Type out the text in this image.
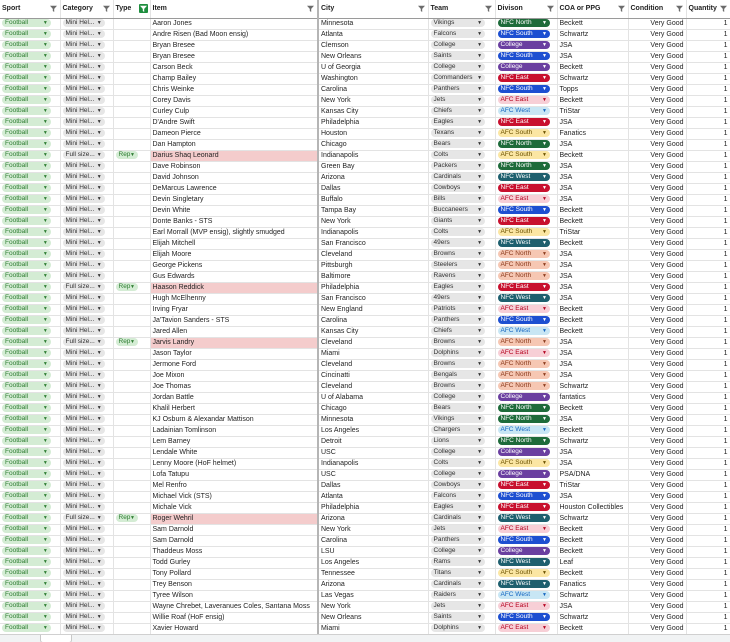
Sport	Category	Type	Item	City	Team	Divison	COA or PPG	Condition	Quantity

Football ▼	Mini Hel... ▼		Aaron Jones	Minnesota	Vikings ▼	NFC North ▼	Beckett	Very Good	1
Football ▼	Mini Hel... ▼		Andre Risen (Bad Moon ensig)	Atlanta	Falcons ▼	NFC South ▼	Schwartz	Very Good	1
Football ▼	Mini Hel... ▼		Bryan Bresee	Clemson	College ▼	College ▼	JSA	Very Good	1
Football ▼	Mini Hel... ▼		Bryan Bresee	New Orleans	Saints ▼	NFC South ▼	JSA	Very Good	1
Football ▼	Mini Hel... ▼		Carson Beck	U of Georgia	College ▼	College ▼	Beckett	Very Good	1
Football ▼	Mini Hel... ▼		Champ Bailey	Washington	Commanders ▼	NFC East ▼	Schwartz	Very Good	1
Football ▼	Mini Hel... ▼		Chris Weinke	Carolina	Panthers ▼	NFC South ▼	Topps	Very Good	1
Football ▼	Mini Hel... ▼		Corey Davis	New York	Jets ▼	AFC East ▼	Beckett	Very Good	1
Football ▼	Mini Hel... ▼		Curley Culp	Kansas City	Chiefs ▼	AFC West ▼	TriStar	Very Good	1
Football ▼	Mini Hel... ▼		D'Andre Swift	Philadelphia	Eagles ▼	NFC East ▼	JSA	Very Good	1
Football ▼	Mini Hel... ▼		Dameon Pierce	Houston	Texans ▼	AFC South ▼	Fanatics	Very Good	1
Football ▼	Mini Hel... ▼		Dan Hampton	Chicago	Bears ▼	NFC North ▼	JSA	Very Good	1
Football ▼	Full size... ▼	Rep ▼	Darius Shaq Leonard	Indianapolis	Colts ▼	AFC South ▼	Beckett	Very Good	1
Football ▼	Mini Hel... ▼		Dave Robinson	Green Bay	Packers ▼	NFC North ▼	JSA	Very Good	1
Football ▼	Mini Hel... ▼		David Johnson	Arizona	Cardinals ▼	NFC West ▼	JSA	Very Good	1
Football ▼	Mini Hel... ▼		DeMarcus Lawrence	Dallas	Cowboys ▼	NFC East ▼	JSA	Very Good	1
Football ▼	Mini Hel... ▼		Devin Singletary	Buffalo	Bills ▼	AFC East ▼	JSA	Very Good	1
Football ▼	Mini Hel... ▼		Devin White	Tampa Bay	Buccaneers ▼	NFC South ▼	Beckett	Very Good	1
Football ▼	Mini Hel... ▼		Donte Banks - STS	New York	Giants ▼	NFC East ▼	Beckett	Very Good	1
Football ▼	Mini Hel... ▼		Earl Morrall (MVP ensig), slightly smudged	Indianapolis	Colts ▼	AFC South ▼	TriStar	Very Good	1
Football ▼	Mini Hel... ▼		Elijah Mitchell	San Francisco	49ers ▼	NFC West ▼	Beckett	Very Good	1
Football ▼	Mini Hel... ▼		Elijah Moore	Cleveland	Browns ▼	AFC North ▼	JSA	Very Good	1
Football ▼	Mini Hel... ▼		George Pickens	Pittsburgh	Steelers ▼	AFC North ▼	JSA	Very Good	1
Football ▼	Mini Hel... ▼		Gus Edwards	Baltimore	Ravens ▼	AFC North ▼	JSA	Very Good	1
Football ▼	Full size... ▼	Rep ▼	Haason Reddick	Philadelphia	Eagles ▼	NFC East ▼	JSA	Very Good	1
Football ▼	Mini Hel... ▼		Hugh McElhenny	San Francisco	49ers ▼	NFC West ▼	JSA	Very Good	1
Football ▼	Mini Hel... ▼		Irving Fryar	New England	Patriots ▼	AFC East ▼	Beckett	Very Good	1
Football ▼	Mini Hel... ▼		Ja'Tavion Sanders - STS	Carolina	Panthers ▼	NFC South ▼	Beckett	Very Good	1
Football ▼	Mini Hel... ▼		Jared Allen	Kansas City	Chiefs ▼	AFC West ▼	Beckett	Very Good	1
Football ▼	Full size... ▼	Rep ▼	Jarvis Landry	Cleveland	Browns ▼	AFC North ▼	JSA	Very Good	1
Football ▼	Mini Hel... ▼		Jason Taylor	Miami	Dolphins ▼	AFC East ▼	JSA	Very Good	1
Football ▼	Mini Hel... ▼		Jermone Ford	Cleveland	Browns ▼	AFC North ▼	JSA	Very Good	1
Football ▼	Mini Hel... ▼		Joe Mixon	Cincinatti	Bengals ▼	AFC North ▼	JSA	Very Good	1
Football ▼	Mini Hel... ▼		Joe Thomas	Cleveland	Browns ▼	AFC North ▼	Schwartz	Very Good	1
Football ▼	Mini Hel... ▼		Jordan Battle	U of Alabama	College ▼	College ▼	fantatics	Very Good	1
Football ▼	Mini Hel... ▼		Khalil Herbert	Chicago	Bears ▼	NFC North ▼	Beckett	Very Good	1
Football ▼	Mini Hel... ▼		KJ Osburn & Alexandar Mattison	Minnesota	Vikings ▼	NFC North ▼	JSA	Very Good	1
Football ▼	Mini Hel... ▼		Ladainian Tomlinson	Los Angeles	Chargers ▼	AFC West ▼	Beckett	Very Good	1
Football ▼	Mini Hel... ▼		Lem Barney	Detroit	Lions ▼	NFC North ▼	Schwartz	Very Good	1
Football ▼	Mini Hel... ▼		Lendale White	USC	College ▼	College ▼	JSA	Very Good	1
Football ▼	Mini Hel... ▼		Lenny Moore (HoF helmet)	Indianapolis	Colts ▼	AFC South ▼	JSA	Very Good	1
Football ▼	Mini Hel... ▼		Lofa Tatupu	USC	College ▼	College ▼	PSA/DNA	Very Good	1
Football ▼	Mini Hel... ▼		Mel Renfro	Dallas	Cowboys ▼	NFC East ▼	TriStar	Very Good	1
Football ▼	Mini Hel... ▼		Michael Vick (STS)	Atlanta	Falcons ▼	NFC South ▼	JSA	Very Good	1
Football ▼	Mini Hel... ▼		Michale Vick	Philadelphia	Eagles ▼	NFC East ▼	Houston Collectibles	Very Good	1
Football ▼	Full size... ▼	Rep ▼	Roger Wehril	Arizona	Cardinals ▼	NFC West ▼	Schwartz	Very Good	1
Football ▼	Mini Hel... ▼		Sam Darnold	New York	Jets ▼	AFC East ▼	Beckett	Very Good	1
Football ▼	Mini Hel... ▼		Sam Darnold	Carolina	Panthers ▼	NFC South ▼	Beckett	Very Good	1
Football ▼	Mini Hel... ▼		Thaddeus Moss	LSU	College ▼	College ▼	Beckett	Very Good	1
Football ▼	Mini Hel... ▼		Todd Gurley	Los Angeles	Rams ▼	NFC West ▼	Leaf	Very Good	1
Football ▼	Mini Hel... ▼		Tony Pollard	Tennessee	Titans ▼	AFC South ▼	Beckett	Very Good	1
Football ▼	Mini Hel... ▼		Trey Benson	Arizona	Cardinals ▼	NFC West ▼	Fanatics	Very Good	1
Football ▼	Mini Hel... ▼		Tyree Wilson	Las Vegas	Raiders ▼	AFC West ▼	Schwartz	Very Good	1
Football ▼	Mini Hel... ▼		Wayne Chrebet, Laveranues Coles, Santana Moss	New York	Jets ▼	AFC East ▼	JSA	Very Good	1
Football ▼	Mini Hel... ▼		Willie Roaf (HoF ensig)	New Orleans	Saints ▼	NFC South ▼	Schwartz	Very Good	1
Football ▼	Mini Hel... ▼		Xavier Howard	Miami	Dolphins ▼	AFC East ▼	Beckett	Very Good	1
